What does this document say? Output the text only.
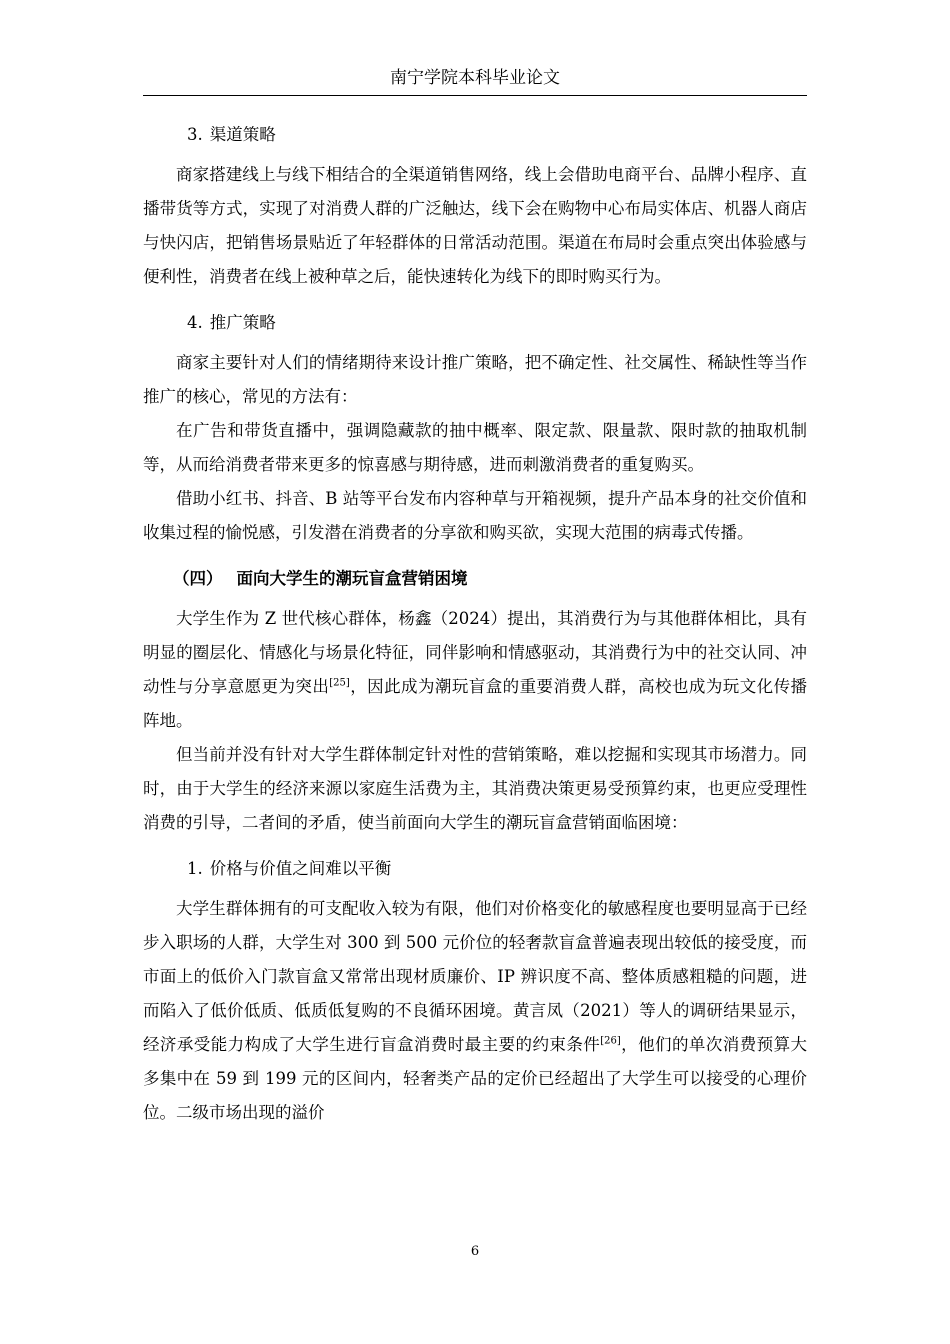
南宁学院本科毕业论文
3. 渠道策略

商家搭建线上与线下相结合的全渠道销售网络，线上会借助电商平台、品牌小程序、直播带货等方式，实现了对消费人群的广泛触达，线下会在购物中心布局实体店、机器人商店与快闪店，把销售场景贴近了年轻群体的日常活动范围。渠道在布局时会重点突出体验感与便利性，消费者在线上被种草之后，能快速转化为线下的即时购买行为。

4. 推广策略

商家主要针对人们的情绪期待来设计推广策略，把不确定性、社交属性、稀缺性等当作推广的核心，常见的方法有：

在广告和带货直播中，强调隐藏款的抽中概率、限定款、限量款、限时款的抽取机制等，从而给消费者带来更多的惊喜感与期待感，进而刺激消费者的重复购买。

借助小红书、抖音、B 站等平台发布内容种草与开箱视频，提升产品本身的社交价值和收集过程的愉悦感，引发潜在消费者的分享欲和购买欲，实现大范围的病毒式传播。

（四） 面向大学生的潮玩盲盒营销困境

大学生作为 Z 世代核心群体，杨鑫（2024）提出，其消费行为与其他群体相比，具有明显的圈层化、情感化与场景化特征，同伴影响和情感驱动，其消费行为中的社交认同、冲动性与分享意愿更为突出[25]，因此成为潮玩盲盒的重要消费人群，高校也成为玩文化传播阵地。

但当前并没有针对大学生群体制定针对性的营销策略，难以挖掘和实现其市场潜力。同时，由于大学生的经济来源以家庭生活费为主，其消费决策更易受预算约束，也更应受理性消费的引导，二者间的矛盾，使当前面向大学生的潮玩盲盒营销面临困境：

1. 价格与价值之间难以平衡

大学生群体拥有的可支配收入较为有限，他们对价格变化的敏感程度也要明显高于已经步入职场的人群，大学生对 300 到 500 元价位的轻奢款盲盒普遍表现出较低的接受度，而市面上的低价入门款盲盒又常常出现材质廉价、IP 辨识度不高、整体质感粗糙的问题，进而陷入了低价低质、低质低复购的不良循环困境。黄言凤（2021）等人的调研结果显示，经济承受能力构成了大学生进行盲盒消费时最主要的约束条件[26]，他们的单次消费预算大多集中在 59 到 199 元的区间内，轻奢类产品的定价已经超出了大学生可以接受的心理价位。二级市场出现的溢价

6
